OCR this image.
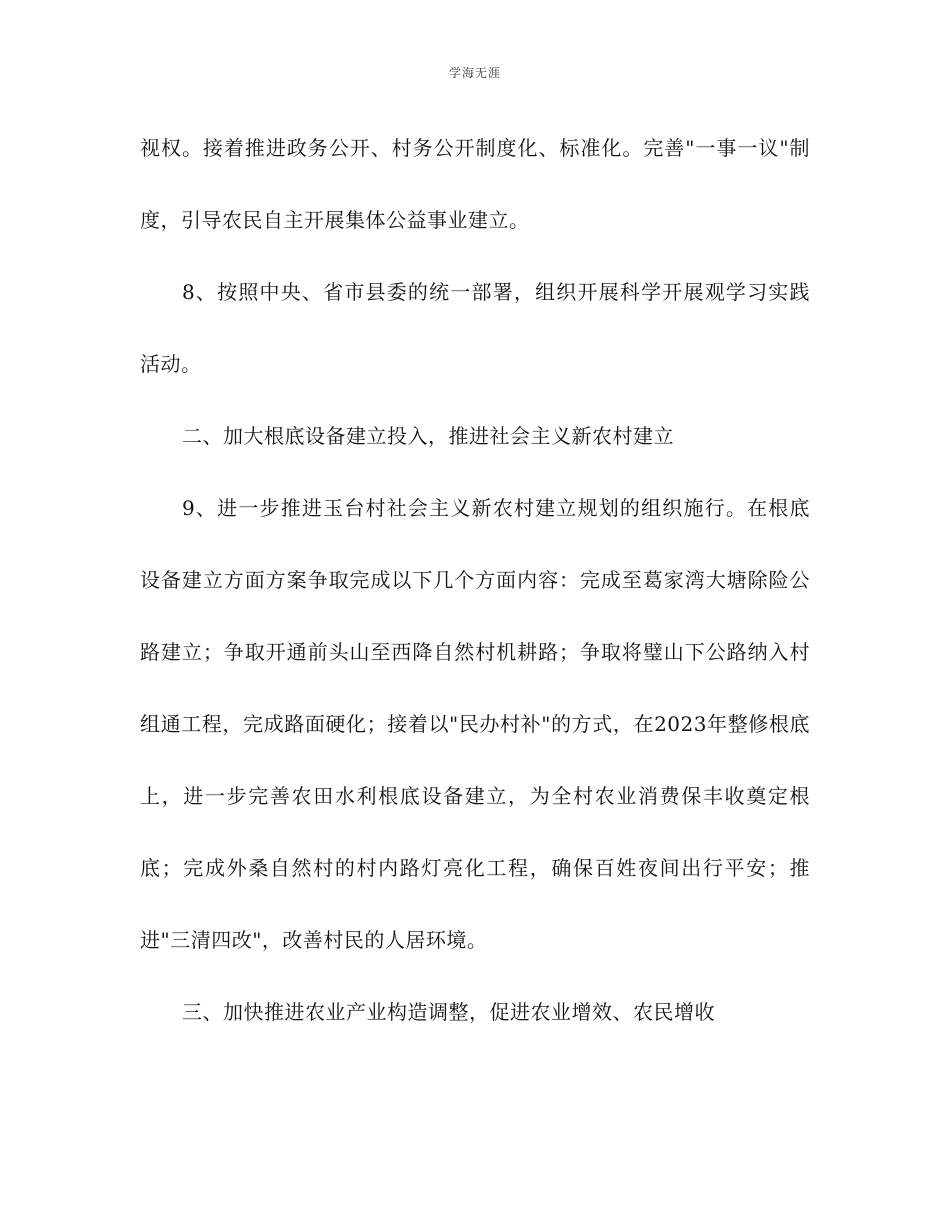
学海无涯

视权。接着推进政务公开、村务公开制度化、标准化。完善"一事一议"制度，引导农民自主开展集体公益事业建立。

8、按照中央、省市县委的统一部署，组织开展科学开展观学习实践活动。

二、加大根底设备建立投入，推进社会主义新农村建立

9、进一步推进玉台村社会主义新农村建立规划的组织施行。在根底设备建立方面方案争取完成以下几个方面内容：完成至葛家湾大塘除险公路建立；争取开通前头山至西降自然村机耕路；争取将璧山下公路纳入村组通工程，完成路面硬化；接着以"民办村补"的方式，在2023年整修根底上，进一步完善农田水利根底设备建立，为全村农业消费保丰收奠定根底；完成外桑自然村的村内路灯亮化工程，确保百姓夜间出行平安；推进"三清四改"，改善村民的人居环境。

三、加快推进农业产业构造调整，促进农业增效、农民增收
